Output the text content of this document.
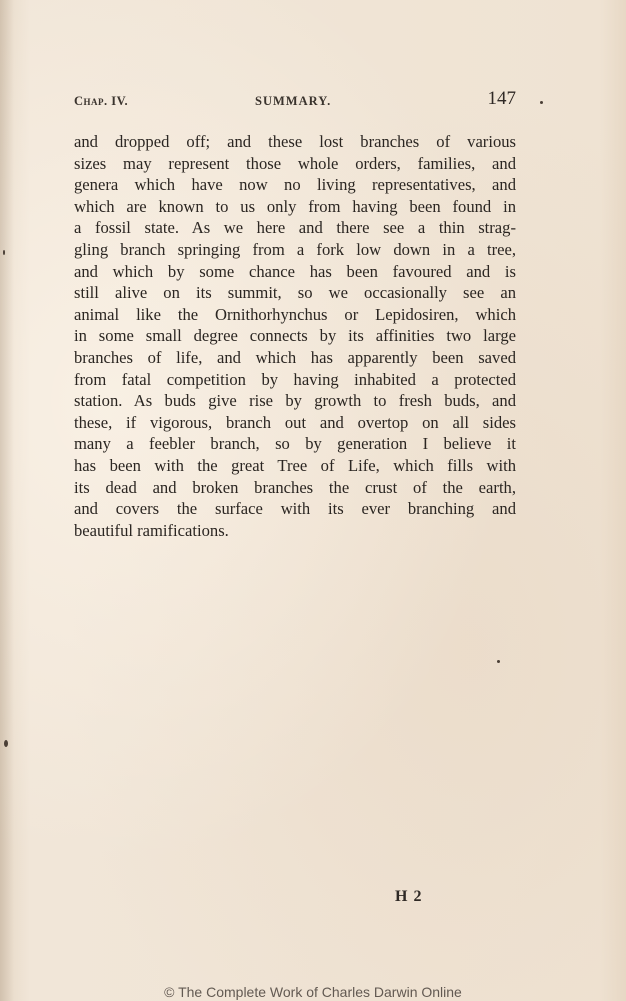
Chap. IV.	SUMMARY.	147
and dropped off; and these lost branches of various
sizes may represent those whole orders, families, and
genera which have now no living representatives, and
which are known to us only from having been found in
a fossil state. As we here and there see a thin strag-
gling branch springing from a fork low down in a tree,
and which by some chance has been favoured and is
still alive on its summit, so we occasionally see an
animal like the Ornithorhynchus or Lepidosiren, which
in some small degree connects by its affinities two large
branches of life, and which has apparently been saved
from fatal competition by having inhabited a protected
station. As buds give rise by growth to fresh buds, and
these, if vigorous, branch out and overtop on all sides
many a feebler branch, so by generation I believe it
has been with the great Tree of Life, which fills with
its dead and broken branches the crust of the earth,
and covers the surface with its ever branching and
beautiful ramifications.
H 2
© The Complete Work of Charles Darwin Online
